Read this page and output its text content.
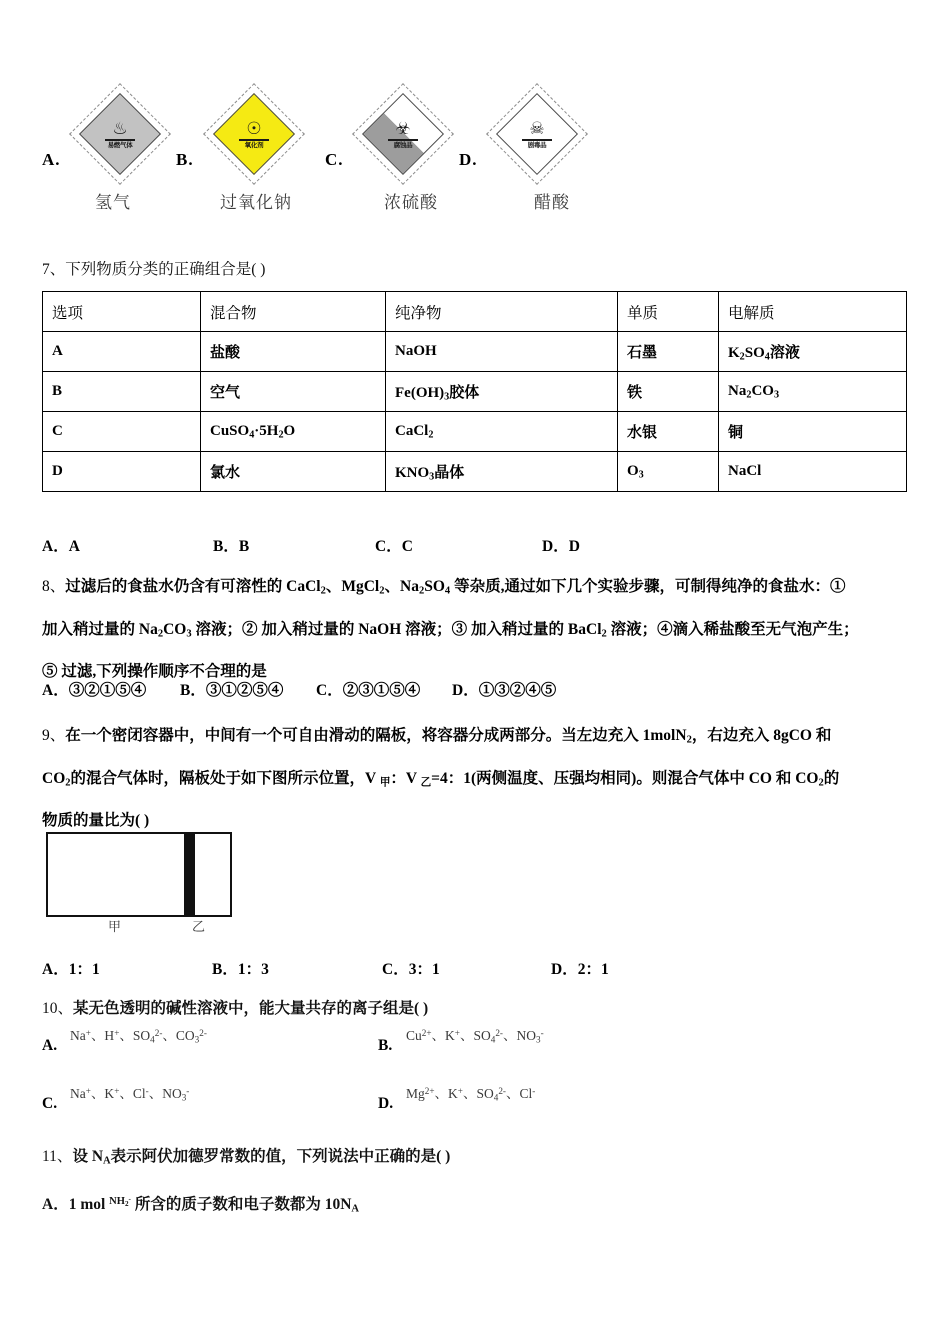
A.
♨
易燃气体
氢气
B.
☉
氧化剂
过氧化钠
C.
☣
腐蚀品
浓硫酸
D.
☠
剧毒品
醋酸
7、下列物质分类的正确组合是( )
选项	混合物	纯净物	单质	电解质
A	盐酸	NaOH	石墨	$K_2SO_4$溶液
B	空气	$Fe(OH)_3$胶体	铁	$Na_2CO_3$
C	$CuSO_4\cdot 5H_2O$	CaCl$_2$	水银	铜
D	氯水	$KNO_3$晶体	$O_3$	NaCl
A．A	B．B	C．C	D．D
8、过滤后的食盐水仍含有可溶性的 CaCl$_2$、MgCl$_2$、$Na_2SO_4$ 等杂质,通过如下几个实验步骤，可制得纯净的食盐水：①
加入稍过量的 $Na_2CO_3$ 溶液；② 加入稍过量的 NaOH 溶液；③ 加入稍过量的 BaCl$_2$ 溶液；④滴入稀盐酸至无气泡产生；
⑤ 过滤,下列操作顺序不合理的是
A．③②①⑤④ B．③①②⑤④ C．②③①⑤④ D．①③②④⑤
9、在一个密闭容器中，中间有一个可自由滑动的隔板，将容器分成两部分。当左边充入 1molN$_2$，右边充入 8gCO 和
$CO_2$的混合气体时，隔板处于如下图所示位置，V $_甲$：V $_乙$=4：1(两侧温度、压强均相同)。则混合气体中 CO 和 $CO_2$的
物质的量比为( )
甲	乙
A．1：1	B．1：3	C．3：1	D．2：1
10、某无色透明的碱性溶液中，能大量共存的离子组是( )
A.
Na+、H+、$SO_4^{2-}$、$CO_3^{2-}$
B.
$Cu^{2+}$、K+、$SO_4^{2-}$、$NO_3^-$
C.
Na+、K+、Cl-、$NO_3^-$
D.
$Mg^{2+}$、K+、$SO_4^{2-}$、Cl-
11、设 $N_A$表示阿伏加德罗常数的值，下列说法中正确的是( )
A．1 mol $^{NH_2^-}$ 所含的质子数和电子数都为 $10N_A$
